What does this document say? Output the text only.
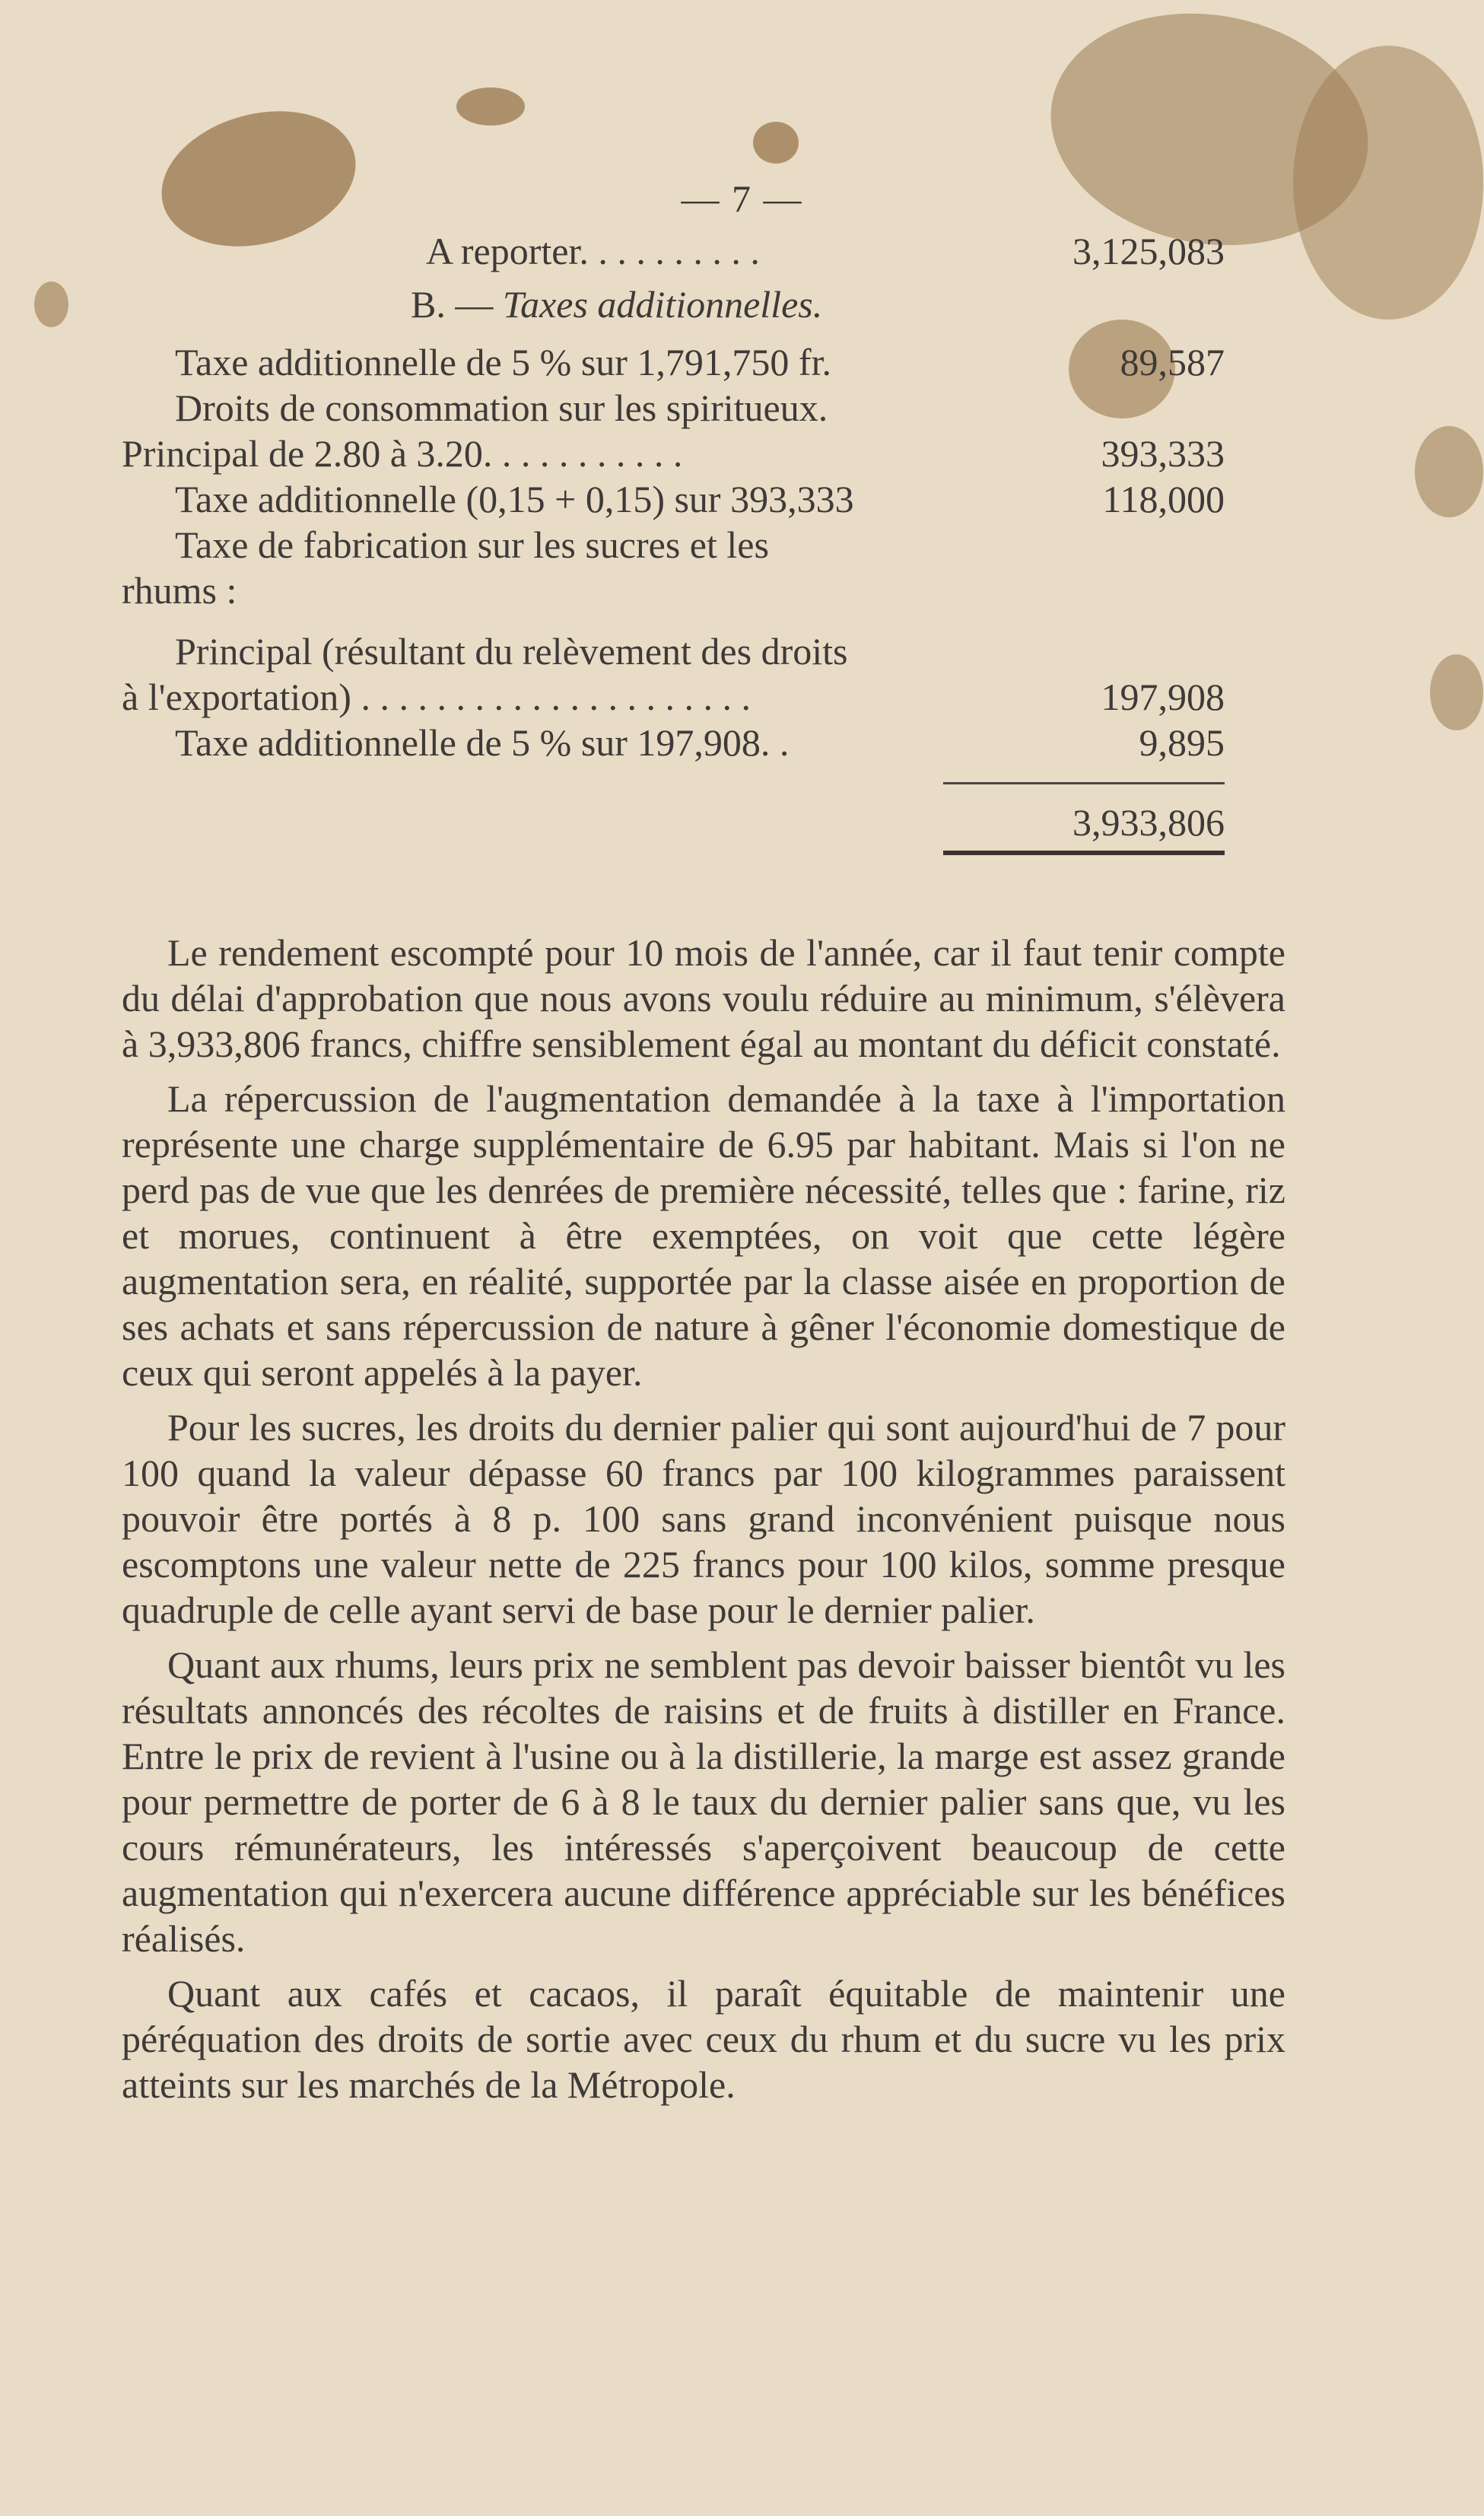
— 7 —
A reporter. . . . . . . . . .	3,125,083
B. — Taxes additionnelles.
Taxe additionnelle de 5 % sur 1,791,750 fr.	89,587
Droits de consommation sur les spiritueux.
Principal de 2.80 à 3.20. . . . . . . . . . .	393,333
Taxe additionnelle (0,15 + 0,15) sur 393,333	118,000
Taxe de fabrication sur les sucres et les
rhums :
Principal (résultant du relèvement des droits
à l'exportation) . . . . . . . . . . . . . . . . . . . . .	197,908
Taxe additionnelle de 5 % sur 197,908. .	9,895
3,933,806

Le rendement escompté pour 10 mois de l'année, car il faut tenir compte du délai d'approbation que nous avons voulu réduire au minimum, s'élèvera à 3,933,806 francs, chiffre sensiblement égal au montant du déficit constaté.

La répercussion de l'augmentation demandée à la taxe à l'importation représente une charge supplémentaire de 6.95 par habitant. Mais si l'on ne perd pas de vue que les denrées de première nécessité, telles que : farine, riz et morues, continuent à être exemptées, on voit que cette légère augmentation sera, en réalité, supportée par la classe aisée en proportion de ses achats et sans répercussion de nature à gêner l'économie domestique de ceux qui seront appelés à la payer.

Pour les sucres, les droits du dernier palier qui sont aujourd'hui de 7 pour 100 quand la valeur dépasse 60 francs par 100 kilogrammes paraissent pouvoir être portés à 8 p. 100 sans grand inconvénient puisque nous escomptons une valeur nette de 225 francs pour 100 kilos, somme presque quadruple de celle ayant servi de base pour le dernier palier.

Quant aux rhums, leurs prix ne semblent pas devoir baisser bientôt vu les résultats annoncés des récoltes de raisins et de fruits à distiller en France. Entre le prix de revient à l'usine ou à la distillerie, la marge est assez grande pour permettre de porter de 6 à 8 le taux du dernier palier sans que, vu les cours rémunérateurs, les intéressés s'aperçoivent beaucoup de cette augmentation qui n'exercera aucune différence appréciable sur les bénéfices réalisés.

Quant aux cafés et cacaos, il paraît équitable de maintenir une péréquation des droits de sortie avec ceux du rhum et du sucre vu les prix atteints sur les marchés de la Métropole.
